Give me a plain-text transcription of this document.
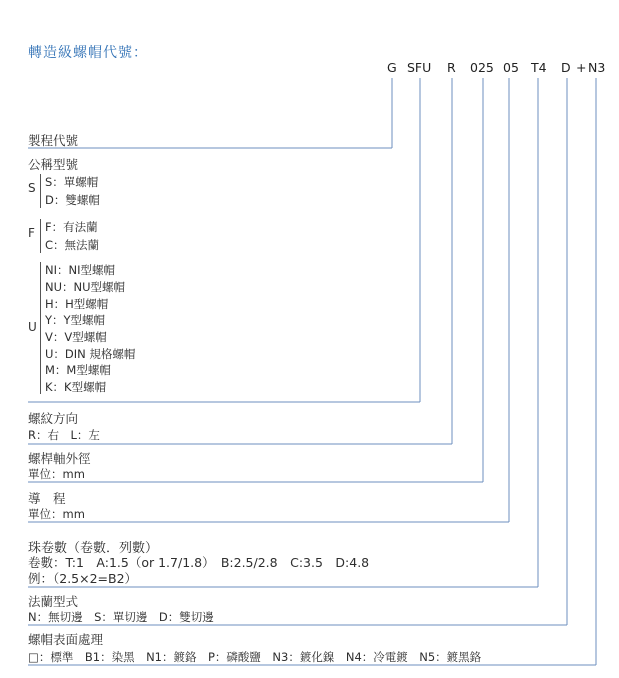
轉造級螺帽代號：
G SFU R 025 05 T4 D + N3
製程代號
公稱型號
S S：單螺帽
D：雙螺帽
F F：有法蘭
C：無法蘭
U
NI：NI型螺帽
NU：NU型螺帽
H：H型螺帽
Y：Y型螺帽
V：V型螺帽
U：DIN 規格螺帽
M：M型螺帽
K：K型螺帽
螺紋方向
R：右　L：左
螺桿軸外徑
單位：mm
導　程
單位：mm
珠卷數（卷數．列數）
卷數：T:1　A:1.5（or 1.7/1.8）　B:2.5/2.8　C:3.5　D:4.8
例：（2.5×2=B2）
法蘭型式
N：無切邊　S：單切邊　D：雙切邊
螺帽表面處理
□：標準　B1：染黑　N1：鍍鉻　P：磷酸鹽　N3：鍍化鎳　N4：冷電鍍　N5：鍍黑鉻
